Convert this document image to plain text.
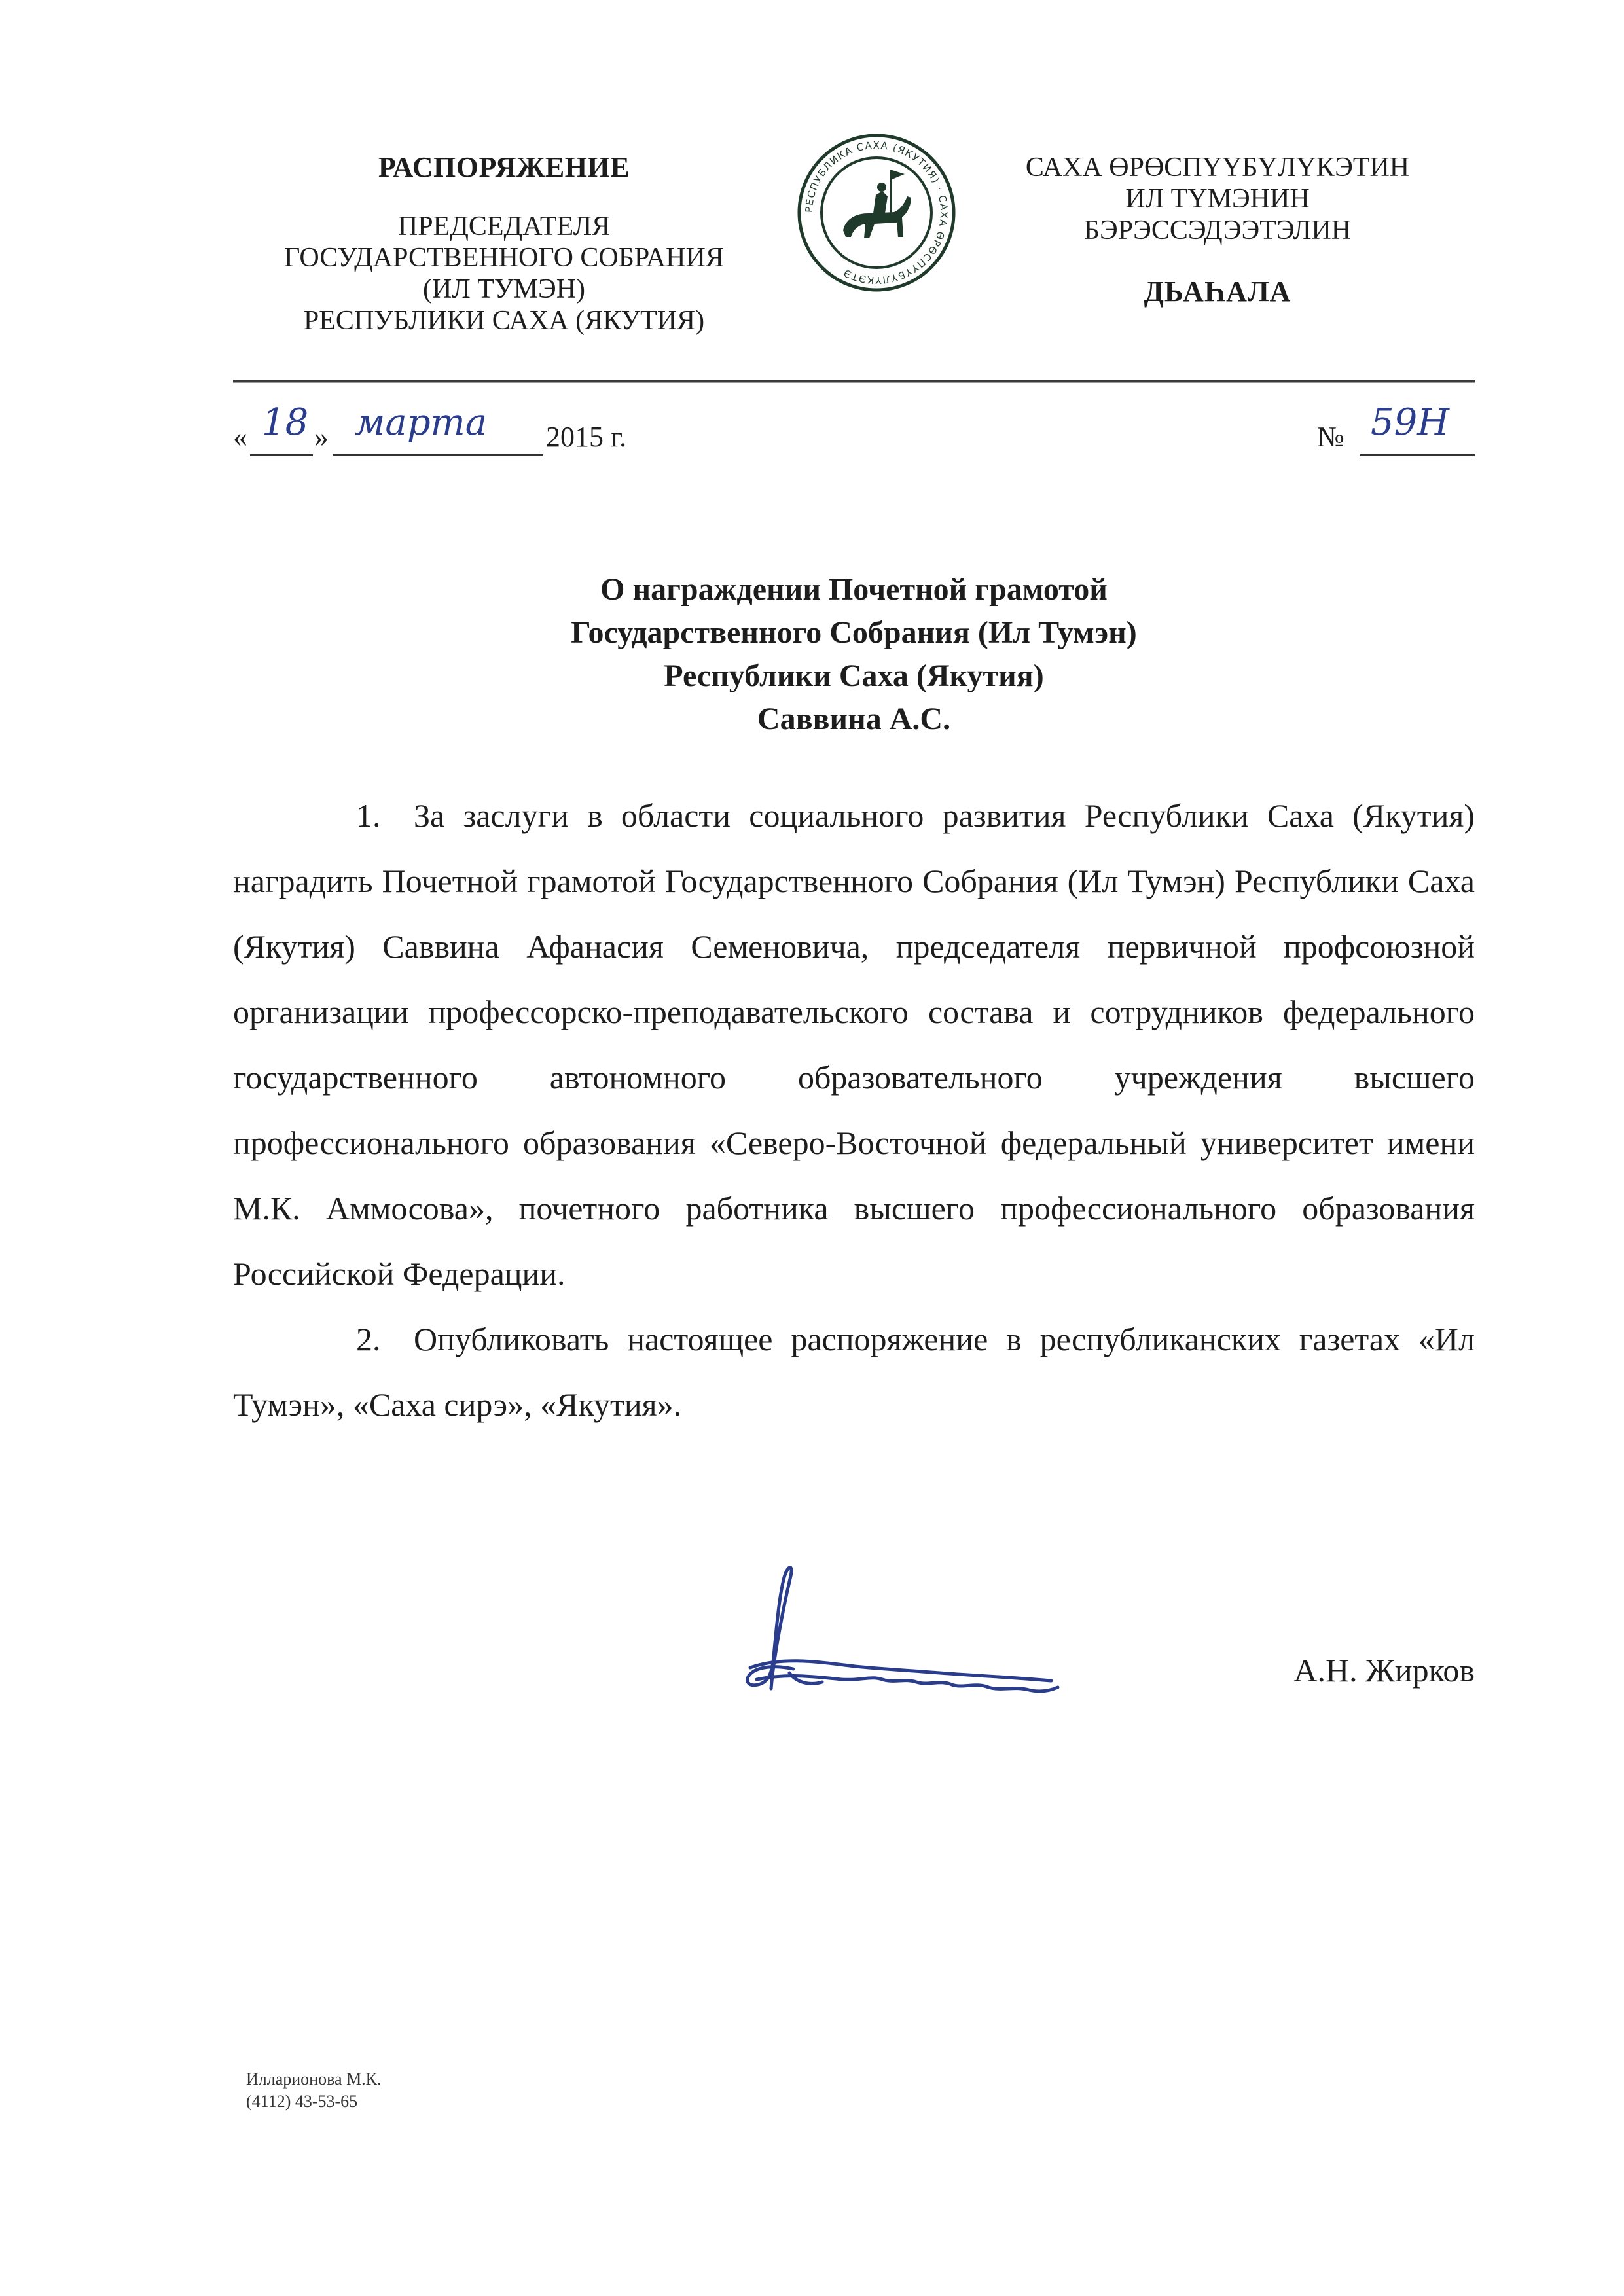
РАСПОРЯЖЕНИЕ
ПРЕДСЕДАТЕЛЯ
ГОСУДАРСТВЕННОГО СОБРАНИЯ
(ИЛ ТУМЭН)
РЕСПУБЛИКИ САХА (ЯКУТИЯ)
РЕСПУБЛИКА САХА (ЯКУТИЯ) · САХА ӨРӨСПҮҮБҮЛҮКЭТЭ
САХА ӨРӨСПҮҮБҮЛҮКЭТИН
ИЛ ТҮМЭНИН
БЭРЭССЭДЭЭТЭЛИН
ДЬАҺАЛА
« 18 » марта 2015 г.	№ 59Н
О награждении Почетной грамотой
Государственного Собрания (Ил Тумэн)
Республики Саха (Якутия)
Саввина А.С.

1. За заслуги в области социального развития Республики Саха (Якутия) наградить Почетной грамотой Государственного Собрания (Ил Тумэн) Республики Саха (Якутия) Саввина Афанасия Семеновича, председателя первичной профсоюзной организации профессорско-преподавательского состава и сотрудников федерального государственного автономного образовательного учреждения высшего профессионального образования «Северо-Восточной федеральный университет имени М.К. Аммосова», почетного работника высшего профессионального образования Российской Федерации.

2. Опубликовать настоящее распоряжение в республиканских газетах «Ил Тумэн», «Саха сирэ», «Якутия».

А.Н. Жирков
Илларионова М.К.
(4112) 43-53-65
